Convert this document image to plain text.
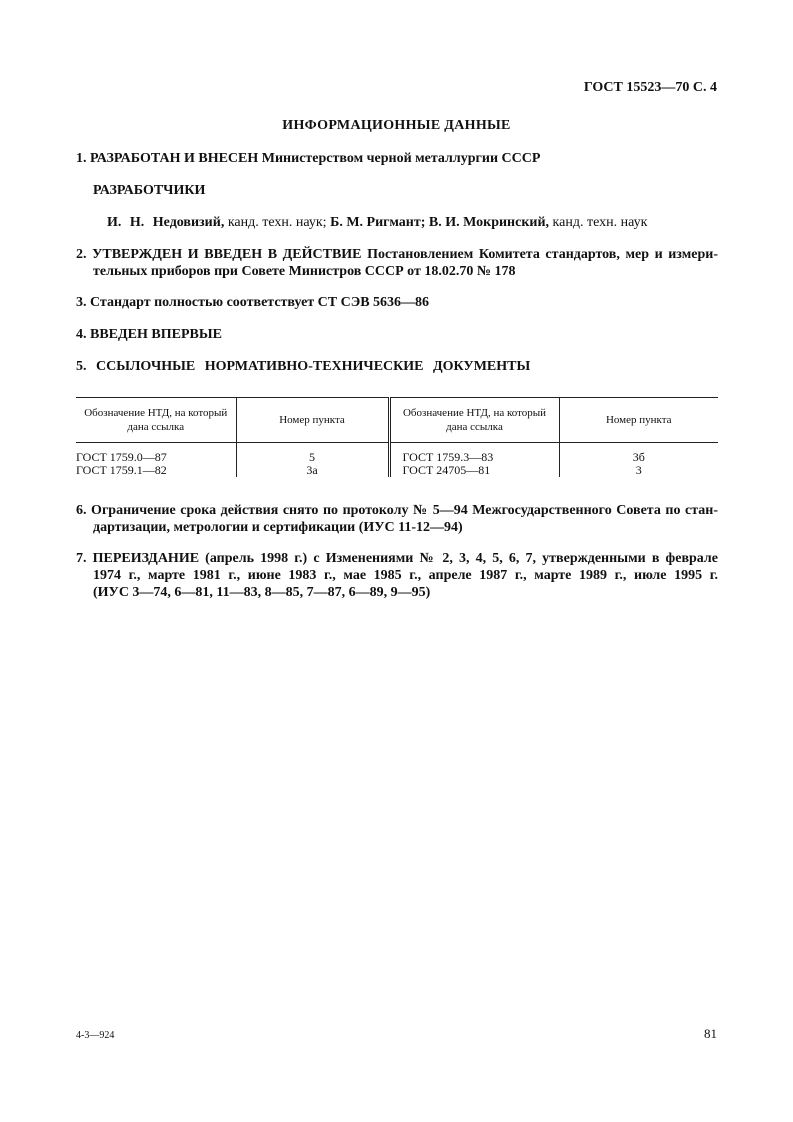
ГОСТ 15523—70 С. 4
ИНФОРМАЦИОННЫЕ ДАННЫЕ
1. РАЗРАБОТАН И ВНЕСЕН Министерством черной металлургии СССР
РАЗРАБОТЧИКИ
И. Н. Недовизий, канд. техн. наук; Б. М. Ригмант; В. И. Мокринский, канд. техн. наук
2. УТВЕРЖДЕН И ВВЕДЕН В ДЕЙСТВИЕ Постановлением Комитета стандартов, мер и измери-
тельных приборов при Совете Министров СССР от 18.02.70 № 178
3. Стандарт полностью соответствует СТ СЭВ 5636—86
4. ВВЕДЕН ВПЕРВЫЕ
5. ССЫЛОЧНЫЕ НОРМАТИВНО-ТЕХНИЧЕСКИЕ ДОКУМЕНТЫ
Обозначение НТД, на который дана ссылка	Номер пункта	Обозначение НТД, на который дана ссылка	Номер пункта
ГОСТ 1759.0—87	5	ГОСТ 1759.3—83	3б
ГОСТ 1759.1—82	3а	ГОСТ 24705—81	3
6. Ограничение срока действия снято по протоколу № 5—94 Межгосударственного Совета по стан-
дартизации, метрологии и сертификации (ИУС 11-12—94)
7. ПЕРЕИЗДАНИЕ (апрель 1998 г.) с Изменениями № 2, 3, 4, 5, 6, 7, утвержденными в феврале
1974 г., марте 1981 г., июне 1983 г., мае 1985 г., апреле 1987 г., марте 1989 г., июле 1995 г.
(ИУС 3—74, 6—81, 11—83, 8—85, 7—87, 6—89, 9—95)
4-3—924	81
